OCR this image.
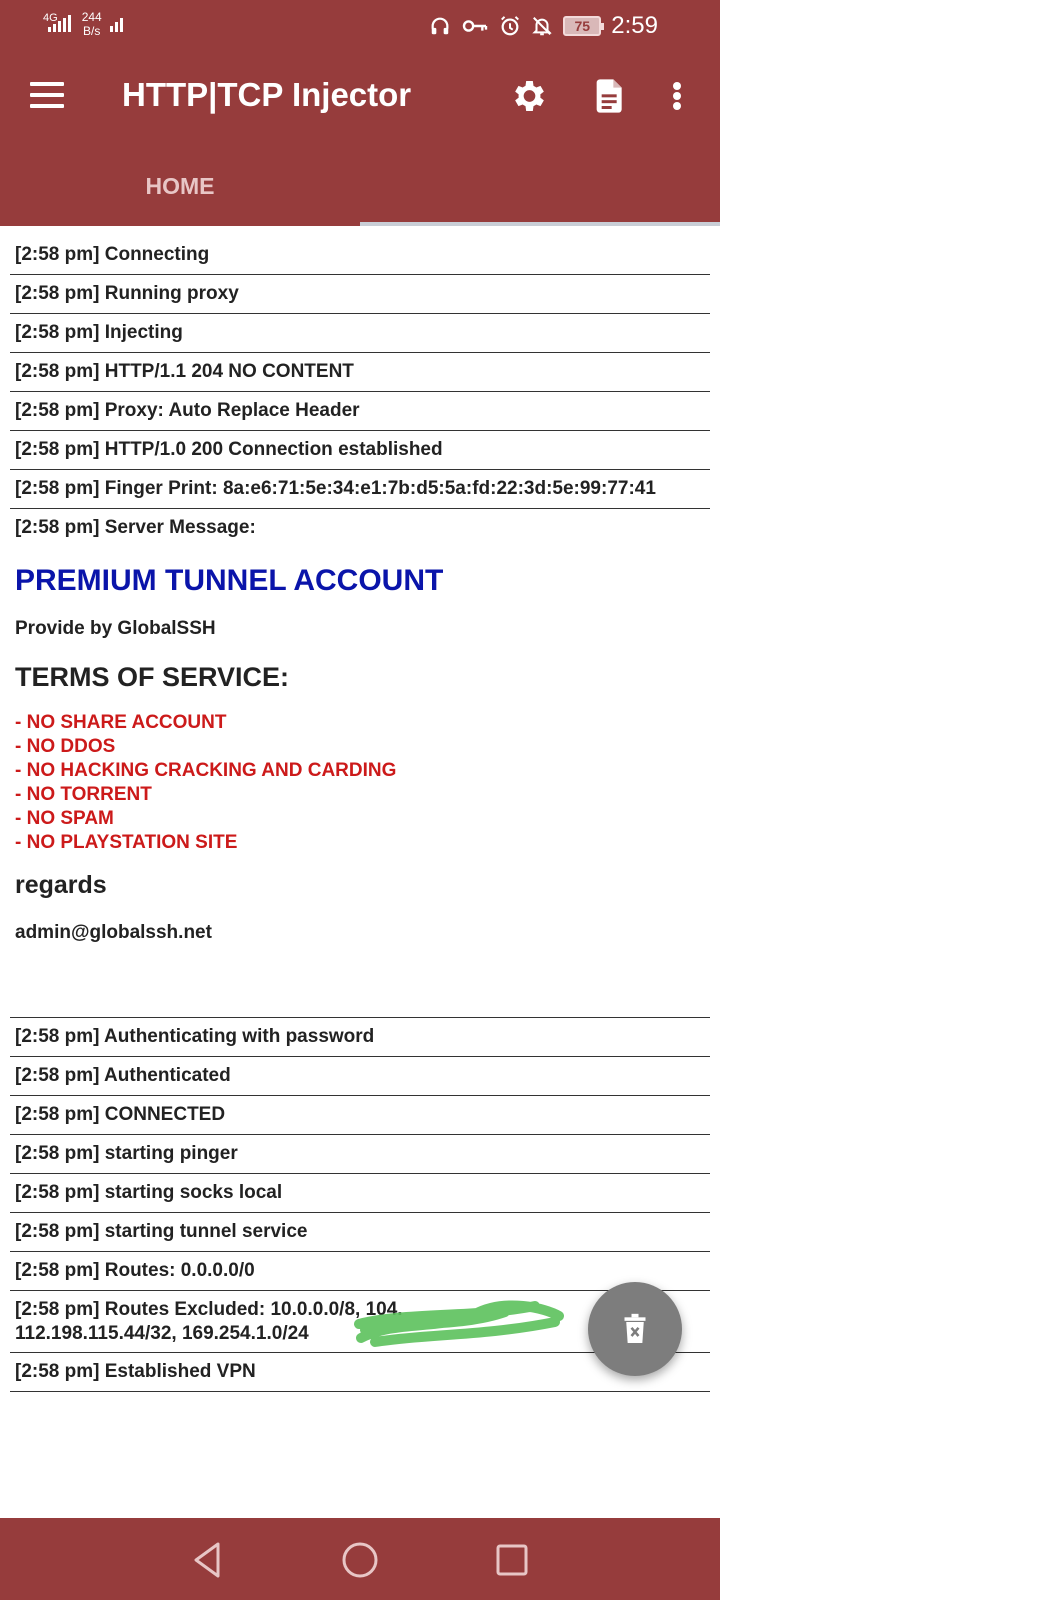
4G 244
B/s	75 2:59
HTTP|TCP Injector
HOME
LOG
[2:58 pm] Connecting
[2:58 pm] Running proxy
[2:58 pm] Injecting
[2:58 pm] HTTP/1.1 204 NO CONTENT
[2:58 pm] Proxy: Auto Replace Header
[2:58 pm] HTTP/1.0 200 Connection established
[2:58 pm] Finger Print: 8a:e6:71:5e:34:e1:7b:d5:5a:fd:22:3d:5e:99:77:41
[2:58 pm] Server Message:
PREMIUM TUNNEL ACCOUNT
Provide by GlobalSSH
TERMS OF SERVICE:
- NO SHARE ACCOUNT
- NO DDOS
- NO HACKING CRACKING AND CARDING
- NO TORRENT
- NO SPAM
- NO PLAYSTATION SITE
regards
admin@globalssh.net
[2:58 pm] Authenticating with password
[2:58 pm] Authenticated
[2:58 pm] CONNECTED
[2:58 pm] starting pinger
[2:58 pm] starting socks local
[2:58 pm] starting tunnel service
[2:58 pm] Routes: 0.0.0.0/0
[2:58 pm] Routes Excluded: 10.0.0.0/8, 104.
112.198.115.44/32, 169.254.1.0/24
[2:58 pm] Established VPN
